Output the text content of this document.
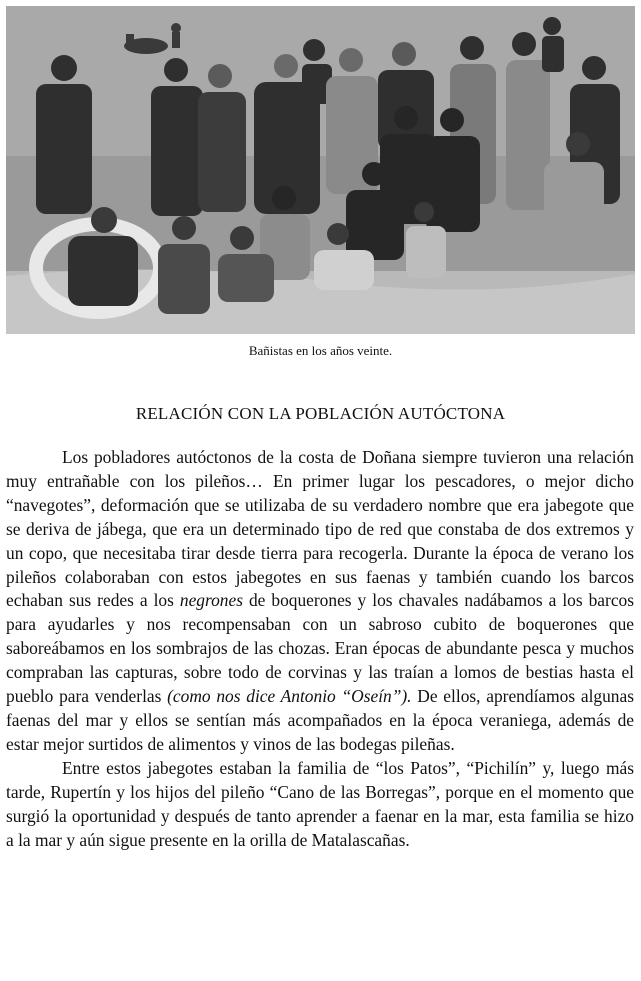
Bañistas en los años veinte.
RELACIÓN CON LA POBLACIÓN AUTÓCTONA

Los pobladores autóctonos de la costa de Doñana siempre tuvieron una relación muy entrañable con los pileños… En primer lugar los pescadores, o mejor dicho “navegotes”, deformación que se utilizaba de su verdadero nombre que era jabegote que se deriva de jábega, que era un determinado tipo de red que constaba de dos extremos y un copo, que necesitaba tirar desde tierra para recogerla. Durante la época de verano los pileños colaboraban con estos jabegotes en sus faenas y también cuando los barcos echaban sus redes a los negrones de boquerones y los chavales nadábamos a los barcos para ayudarles y nos recompensaban con un sabroso cubito de boquerones que saboreábamos en los sombrajos de las chozas. Eran épocas de abundante pesca y muchos compraban las capturas, sobre todo de corvinas y las traían a lomos de bestias hasta el pueblo para venderlas (como nos dice Antonio “Oseín”). De ellos, aprendíamos algunas faenas del mar y ellos se sentían más acompañados en la época veraniega, además de estar mejor surtidos de alimentos y vinos de las bodegas pileñas.

Entre estos jabegotes estaban la familia de “los Patos”, “Pichilín” y, luego más tarde, Rupertín y los hijos del pileño “Cano de las Borregas”, porque en el momento que surgió la oportunidad y después de tanto aprender a faenar en la mar, esta familia se hizo a la mar y aún sigue presente en la orilla de Matalascañas.
